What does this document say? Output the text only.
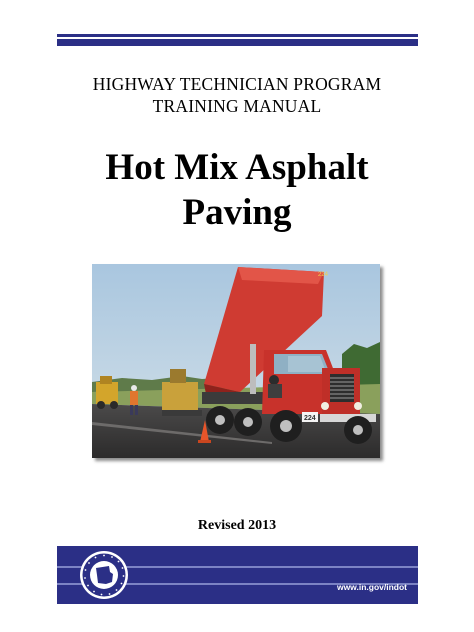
HIGHWAY TECHNICIAN PROGRAM
TRAINING MANUAL
Hot Mix Asphalt
Paving
224
224
Revised 2013
www.in.gov/indot
